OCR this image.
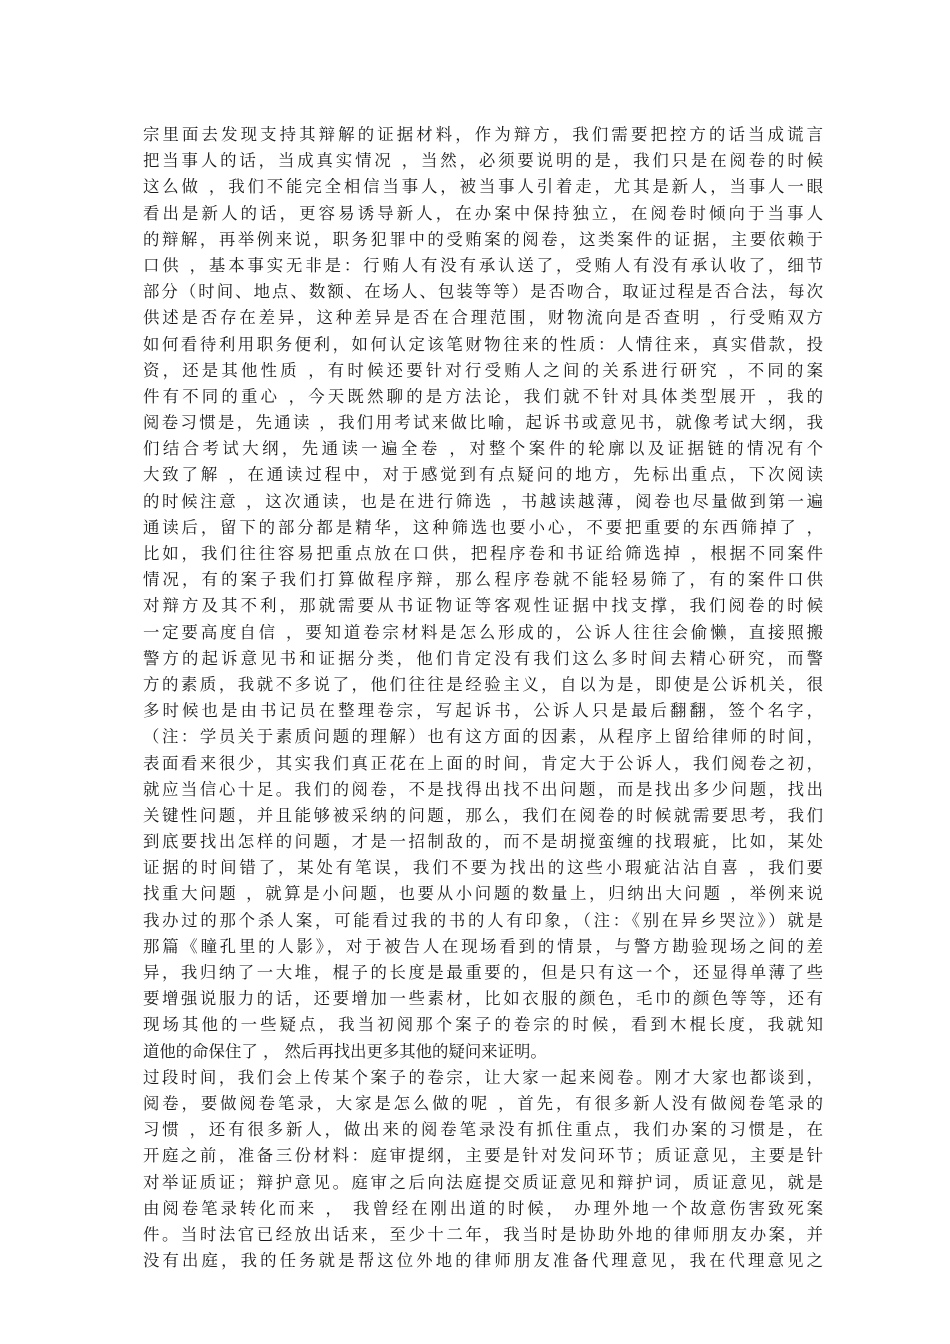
宗里面去发现支持其辩解的证据材料，作为辩方，我们需要把控方的话当成谎言
把当事人的话，当成真实情况 ，当然，必须要说明的是，我们只是在阅卷的时候
这么做 ，我们不能完全相信当事人，被当事人引着走，尤其是新人，当事人一眼
看出是新人的话，更容易诱导新人，在办案中保持独立，在阅卷时倾向于当事人
的辩解，再举例来说，职务犯罪中的受贿案的阅卷，这类案件的证据，主要依赖于
口供 ，基本事实无非是：行贿人有没有承认送了，受贿人有没有承认收了，细节
部分（时间、地点、数额、在场人、包装等等）是否吻合，取证过程是否合法，每次
供述是否存在差异，这种差异是否在合理范围，财物流向是否查明 ，行受贿双方
如何看待利用职务便利，如何认定该笔财物往来的性质：人情往来，真实借款，投
资，还是其他性质 ，有时候还要针对行受贿人之间的关系进行研究 ，不同的案
件有不同的重心 ，今天既然聊的是方法论，我们就不针对具体类型展开 ，我的
阅卷习惯是，先通读 ，我们用考试来做比喻，起诉书或意见书，就像考试大纲，我
们结合考试大纲，先通读一遍全卷 ，对整个案件的轮廓以及证据链的情况有个
大致了解 ，在通读过程中，对于感觉到有点疑问的地方，先标出重点，下次阅读
的时候注意 ，这次通读，也是在进行筛选 ，书越读越薄，阅卷也尽量做到第一遍
通读后，留下的部分都是精华，这种筛选也要小心，不要把重要的东西筛掉了 ，
比如，我们往往容易把重点放在口供，把程序卷和书证给筛选掉 ，根据不同案件
情况，有的案子我们打算做程序辩，那么程序卷就不能轻易筛了，有的案件口供
对辩方及其不利，那就需要从书证物证等客观性证据中找支撑，我们阅卷的时候
一定要高度自信 ，要知道卷宗材料是怎么形成的，公诉人往往会偷懒，直接照搬
警方的起诉意见书和证据分类，他们肯定没有我们这么多时间去精心研究，而警
方的素质，我就不多说了，他们往往是经验主义，自以为是，即使是公诉机关，很
多时候也是由书记员在整理卷宗，写起诉书，公诉人只是最后翻翻，签个名字，
（注：学员关于素质问题的理解）也有这方面的因素，从程序上留给律师的时间，
表面看来很少，其实我们真正花在上面的时间，肯定大于公诉人，我们阅卷之初，
就应当信心十足。我们的阅卷，不是找得出找不出问题，而是找出多少问题，找出
关键性问题，并且能够被采纳的问题，那么，我们在阅卷的时候就需要思考，我们
到底要找出怎样的问题，才是一招制敌的，而不是胡搅蛮缠的找瑕疵，比如，某处
证据的时间错了，某处有笔误，我们不要为找出的这些小瑕疵沾沾自喜 ，我们要
找重大问题 ，就算是小问题，也要从小问题的数量上，归纳出大问题 ，举例来说
我办过的那个杀人案，可能看过我的书的人有印象，（注：《别在异乡哭泣》）就是
那篇《瞳孔里的人影》，对于被告人在现场看到的情景，与警方勘验现场之间的差
异，我归纳了一大堆，棍子的长度是最重要的，但是只有这一个，还显得单薄了些
要增强说服力的话，还要增加一些素材，比如衣服的颜色，毛巾的颜色等等，还有
现场其他的一些疑点，我当初阅那个案子的卷宗的时候，看到木棍长度，我就知
道他的命保住了 ， 然后再找出更多其他的疑问来证明。
过段时间，我们会上传某个案子的卷宗，让大家一起来阅卷。刚才大家也都谈到，
阅卷，要做阅卷笔录，大家是怎么做的呢 ，首先，有很多新人没有做阅卷笔录的
习惯 ，还有很多新人，做出来的阅卷笔录没有抓住重点，我们办案的习惯是，在
开庭之前，准备三份材料：庭审提纲，主要是针对发问环节；质证意见，主要是针
对举证质证；辩护意见。庭审之后向法庭提交质证意见和辩护词，质证意见，就是
由阅卷笔录转化而来 ， 我曾经在刚出道的时候， 办理外地一个故意伤害致死案
件。当时法官已经放出话来，至少十二年，我当时是协助外地的律师朋友办案，并
没有出庭，我的任务就是帮这位外地的律师朋友准备代理意见，我在代理意见之
